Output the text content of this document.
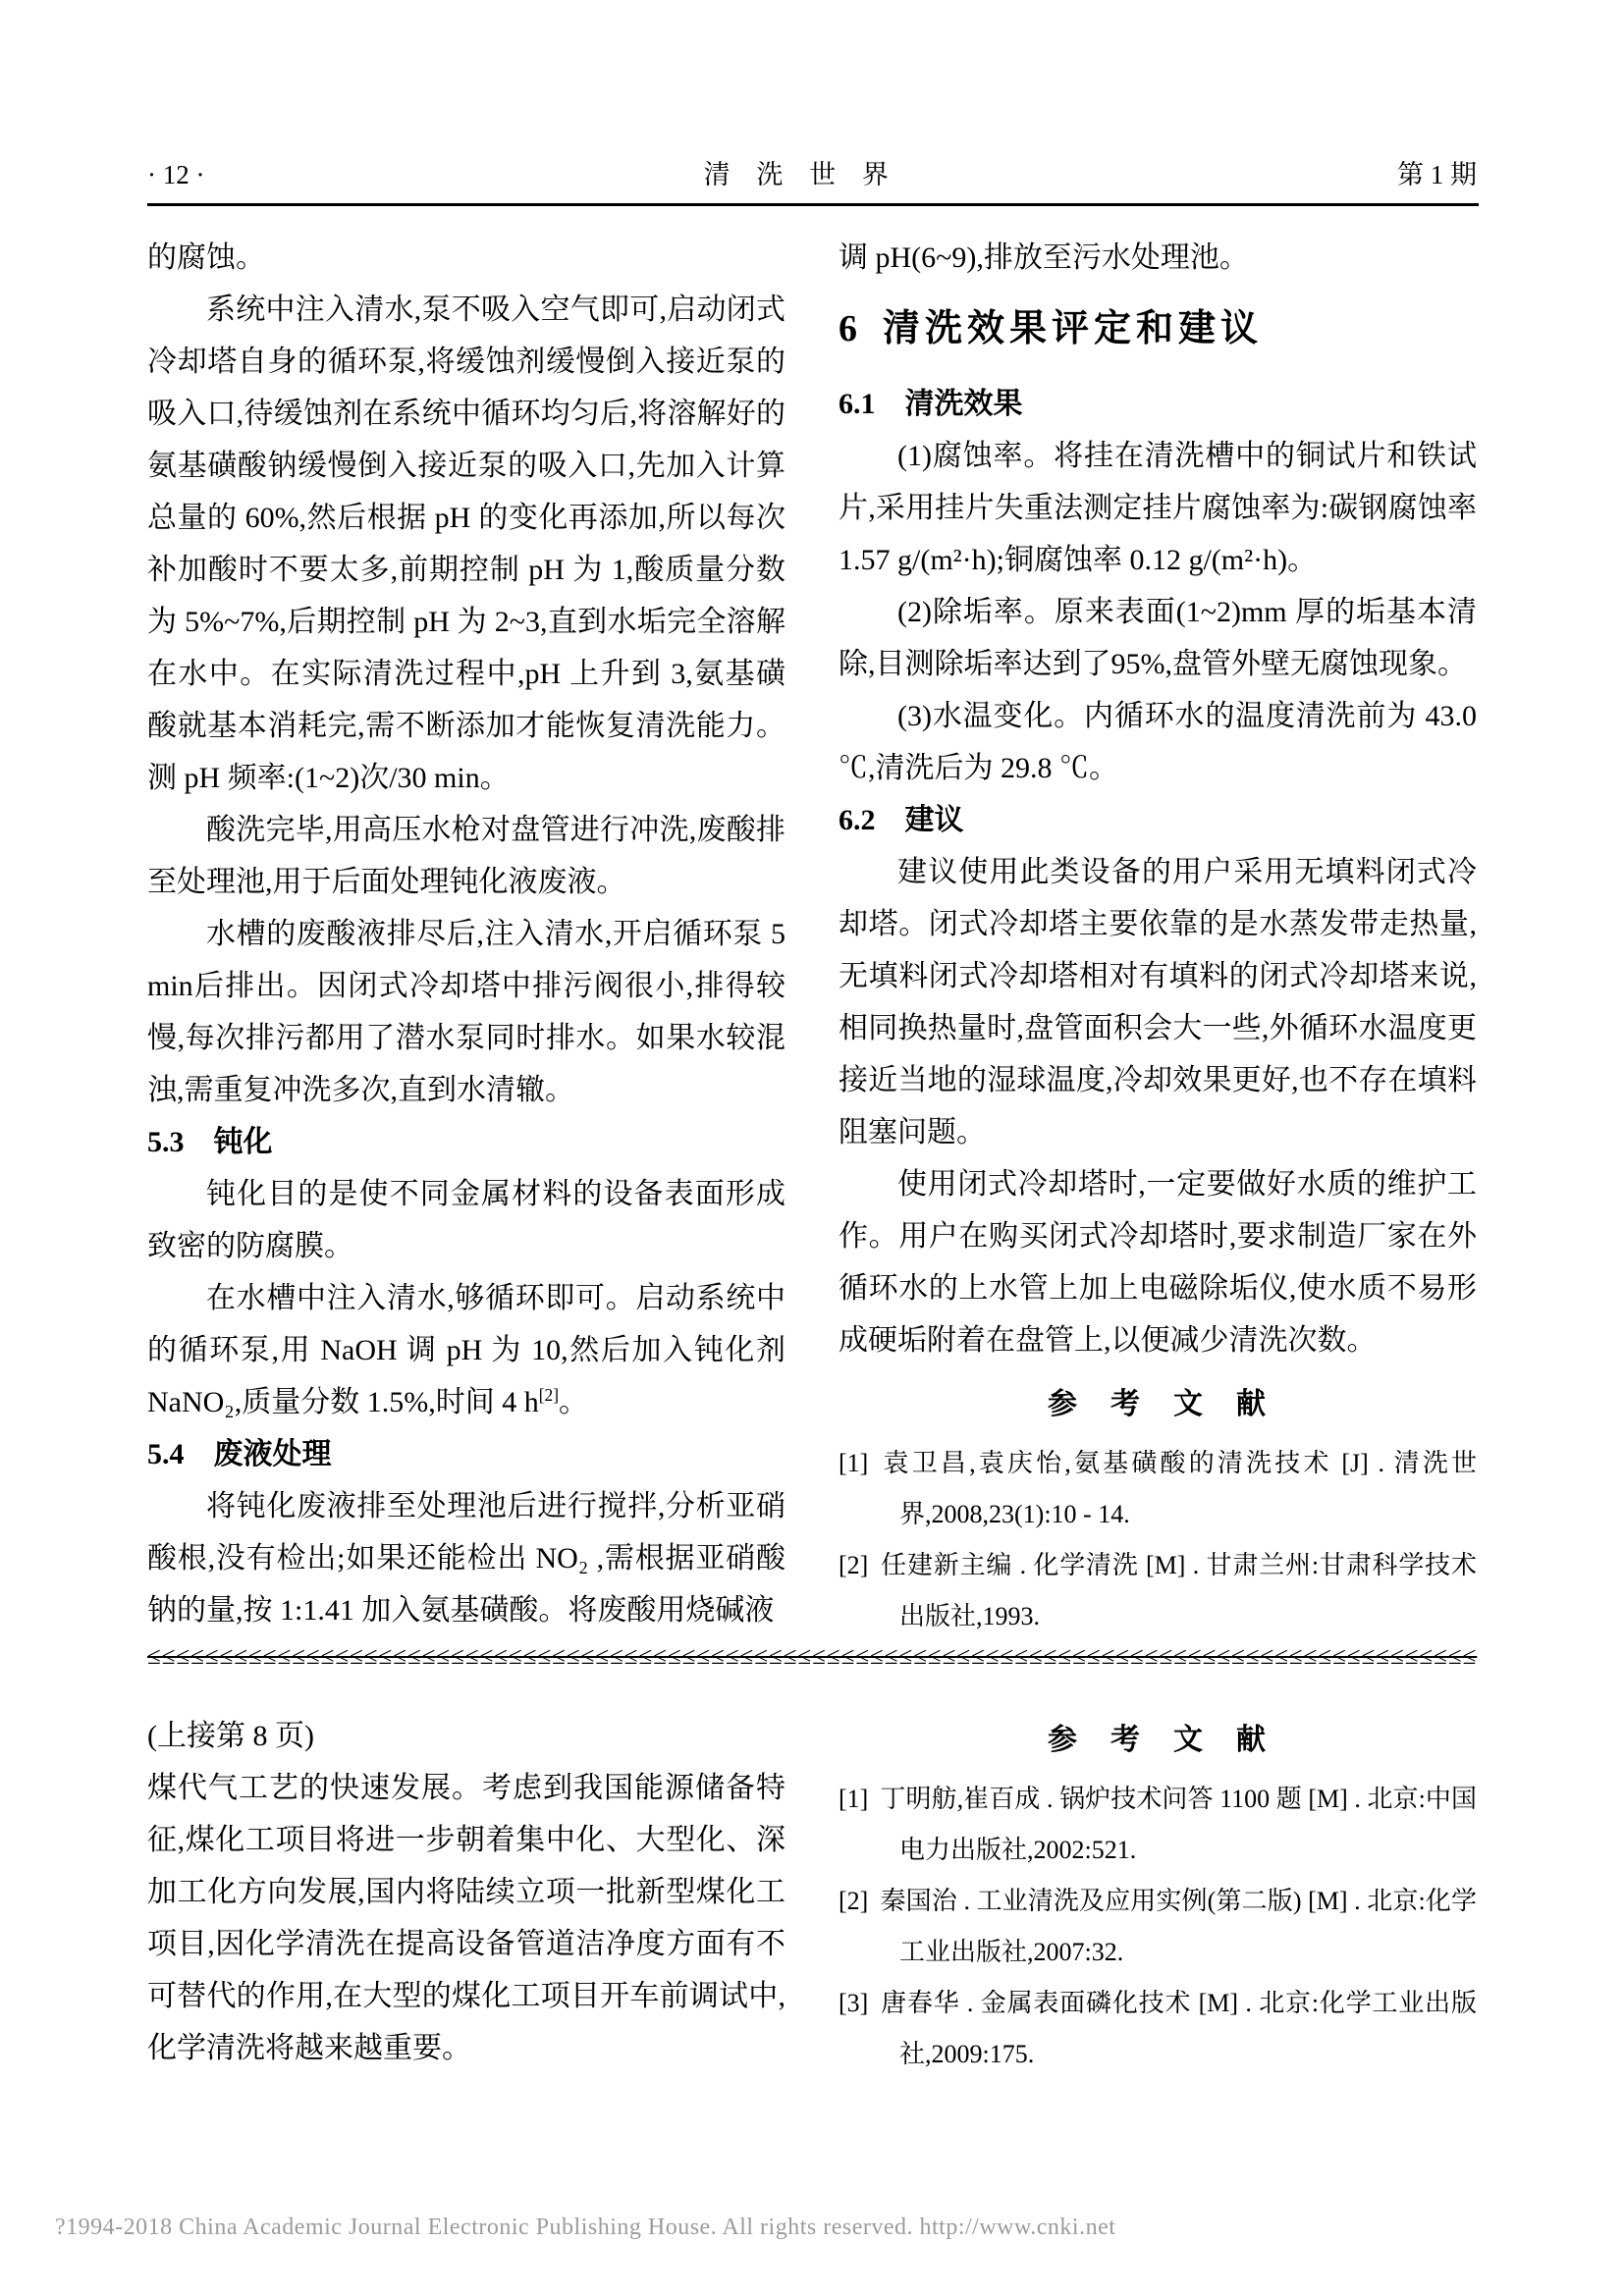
· 12 ·	清 洗 世 界	第 1 期

的腐蚀。

系统中注入清水,泵不吸入空气即可,启动闭式冷却塔自身的循环泵,将缓蚀剂缓慢倒入接近泵的吸入口,待缓蚀剂在系统中循环均匀后,将溶解好的氨基磺酸钠缓慢倒入接近泵的吸入口,先加入计算总量的 60%,然后根据 pH 的变化再添加,所以每次补加酸时不要太多,前期控制 pH 为 1,酸质量分数为 5%~7%,后期控制 pH 为 2~3,直到水垢完全溶解在水中。在实际清洗过程中,pH 上升到 3,氨基磺酸就基本消耗完,需不断添加才能恢复清洗能力。测 pH 频率:(1~2)次/30 min。

酸洗完毕,用高压水枪对盘管进行冲洗,废酸排至处理池,用于后面处理钝化液废液。

水槽的废酸液排尽后,注入清水,开启循环泵 5 min后排出。因闭式冷却塔中排污阀很小,排得较慢,每次排污都用了潜水泵同时排水。如果水较混浊,需重复冲洗多次,直到水清辙。

5.3 钝化

钝化目的是使不同金属材料的设备表面形成致密的防腐膜。

在水槽中注入清水,够循环即可。启动系统中的循环泵,用 NaOH 调 pH 为 10,然后加入钝化剂 NaNO₂,质量分数 1.5%,时间 4 h[2]。

5.4 废液处理

将钝化废液排至处理池后进行搅拌,分析亚硝酸根,没有检出;如果还能检出 NO₂ ,需根据亚硝酸钠的量,按 1:1.41 加入氨基磺酸。将废酸用烧碱液

调 pH(6~9),排放至污水处理池。

6 清洗效果评定和建议

6.1 清洗效果

(1)腐蚀率。将挂在清洗槽中的铜试片和铁试片,采用挂片失重法测定挂片腐蚀率为:碳钢腐蚀率 1.57 g/(m²·h);铜腐蚀率 0.12 g/(m²·h)。

(2)除垢率。原来表面(1~2)mm 厚的垢基本清除,目测除垢率达到了95%,盘管外壁无腐蚀现象。

(3)水温变化。内循环水的温度清洗前为 43.0 ℃,清洗后为 29.8 ℃。

6.2 建议

建议使用此类设备的用户采用无填料闭式冷却塔。闭式冷却塔主要依靠的是水蒸发带走热量,无填料闭式冷却塔相对有填料的闭式冷却塔来说,相同换热量时,盘管面积会大一些,外循环水温度更接近当地的湿球温度,冷却效果更好,也不存在填料阻塞问题。

使用闭式冷却塔时,一定要做好水质的维护工作。用户在购买闭式冷却塔时,要求制造厂家在外循环水的上水管上加上电磁除垢仪,使水质不易形成硬垢附着在盘管上,以便减少清洗次数。

参　考　文　献

[1] 袁卫昌,袁庆怡,氨基磺酸的清洗技术 [J] . 清洗世界,2008,23(1):10 - 14.

[2] 任建新主编 . 化学清洗 [M] . 甘肃兰州:甘肃科学技术出版社,1993.

≤≤≤≤≤≤≤≤≤≤≤≤≤≤≤≤≤≤≤≤≤≤≤≤≤≤≤≤≤≤≤≤≤≤≤≤≤≤≤≤≤≤≤≤≤≤≤≤≤≤≤≤≤≤≤≤≤≤≤≤≤≤≤≤≤≤≤≤≤≤≤≤≤≤≤≤≤≤≤≤≤≤≤≤≤≤≤≤≤≤≤≤

(上接第 8 页)

煤代气工艺的快速发展。考虑到我国能源储备特征,煤化工项目将进一步朝着集中化、大型化、深加工化方向发展,国内将陆续立项一批新型煤化工项目,因化学清洗在提高设备管道洁净度方面有不可替代的作用,在大型的煤化工项目开车前调试中,化学清洗将越来越重要。

参　考　文　献

[1] 丁明舫,崔百成 . 锅炉技术问答 1100 题 [M] . 北京:中国电力出版社,2002:521.

[2] 秦国治 . 工业清洗及应用实例(第二版) [M] . 北京:化学工业出版社,2007:32.

[3] 唐春华 . 金属表面磷化技术 [M] . 北京:化学工业出版社,2009:175.

?1994-2018 China Academic Journal Electronic Publishing House. All rights reserved. http://www.cnki.net
